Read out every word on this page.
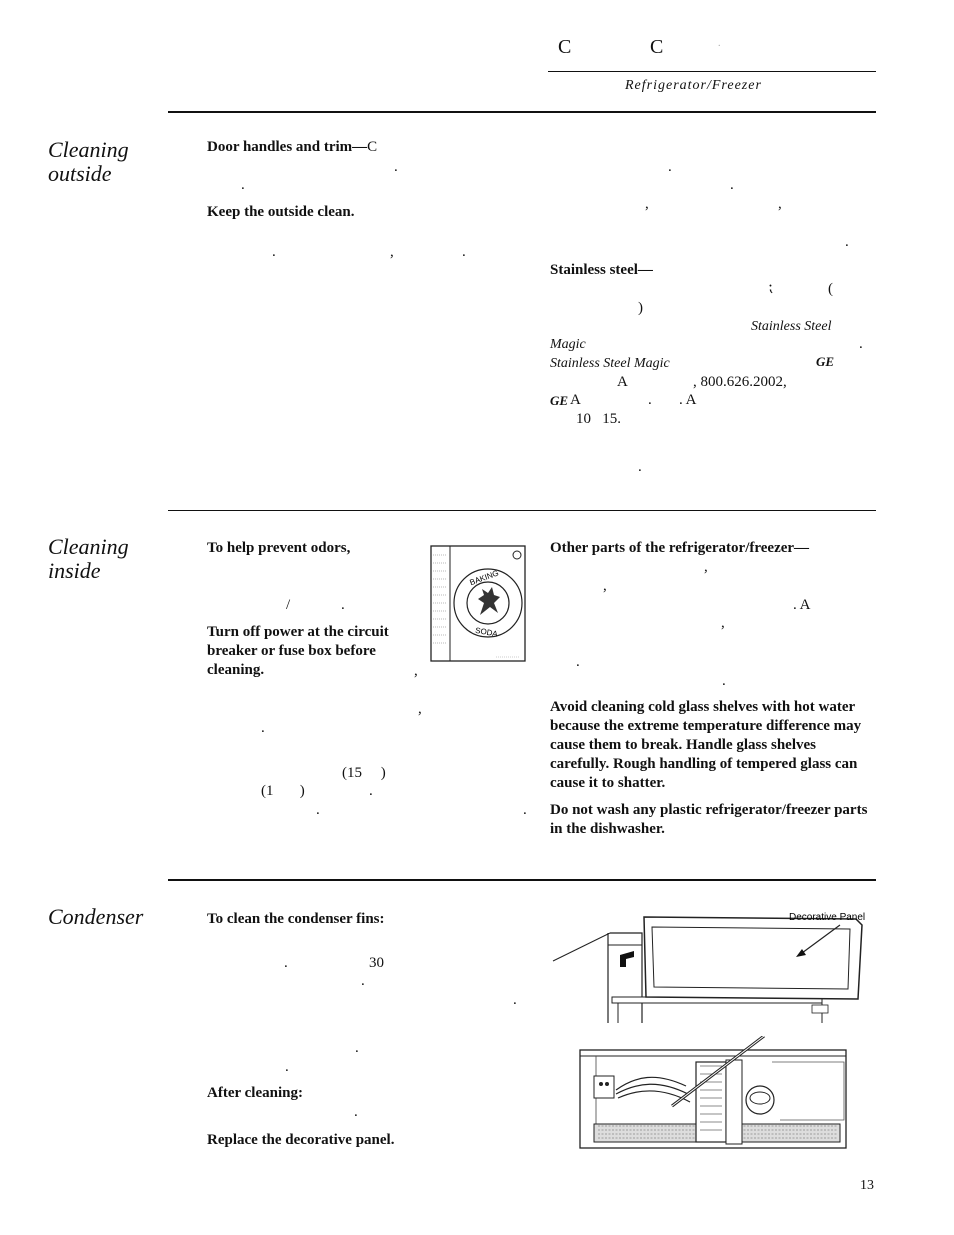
C	C	.
Refrigerator/Freezer
Cleaning
outside
Door handles and trim—C
.
.
Keep the outside clean.
.	,	.
.
.
,	,
.
Stainless steel—
⁏	(
)
Stainless Steel
Magic	.
Stainless Steel Magic	GE
A	, 800.626.2002,
GE A	. . A
10   15.
.
Cleaning
inside
To help prevent odors,
/	.
Turn off power at the circuit breaker or fuse box before cleaning.	,
,
.
(15     )
(1       )	.
.	.
BAKING
SODA
Other parts of the refrigerator/freezer—
,
,
. A
,
.
.
Avoid cleaning cold glass shelves with hot water because the extreme temperature difference may cause them to break. Handle glass shelves carefully. Rough handling of tempered glass can cause it to shatter.
Do not wash any plastic refrigerator/freezer parts in the dishwasher.
Condenser	To clean the condenser fins:
.	30
.
.
.
.
After cleaning:
.
Replace the decorative panel.
Decorative Panel
13
